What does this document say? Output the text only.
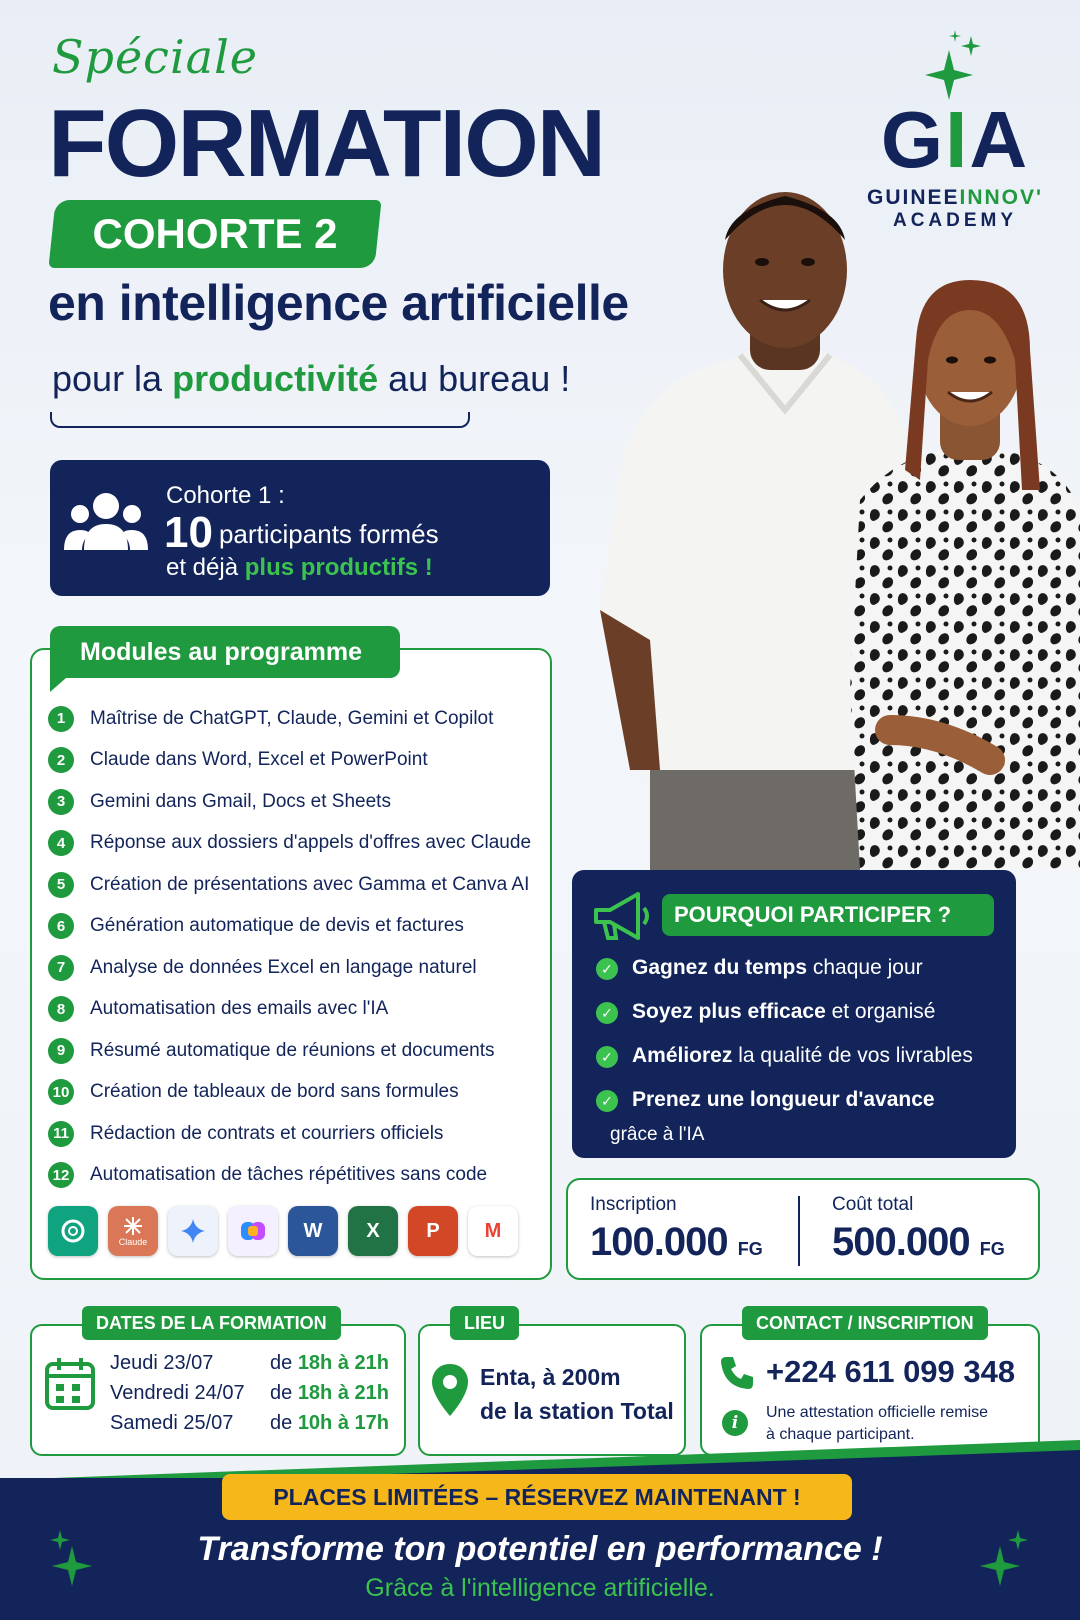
Spéciale
FORMATION
COHORTE 2
en intelligence artificielle
pour la productivité au bureau !
GIA
GUINEEINNOV'
ACADEMY
Cohorte 1 :
10 participants formés
et déjà plus productifs !
Modules au programme
1	Maîtrise de ChatGPT, Claude, Gemini et Copilot
2	Claude dans Word, Excel et PowerPoint
3	Gemini dans Gmail, Docs et Sheets
4	Réponse aux dossiers d'appels d'offres avec Claude
5	Création de présentations avec Gamma et Canva AI
6	Génération automatique de devis et factures
7	Analyse de données Excel en langage naturel
8	Automatisation des emails avec l'IA
9	Résumé automatique de réunions et documents
10 Création de tableaux de bord sans formules
11 Rédaction de contrats et courriers officiels
12 Automatisation de tâches répétitives sans code
Claude
W X P M
POURQUOI PARTICIPER ?
✓ Gagnez du temps chaque jour
✓ Soyez plus efficace et organisé
✓ Améliorez la qualité de vos livrables
✓ Prenez une longueur d'avance
grâce à l'IA
Inscription
100.000 FG
Coût total
500.000 FG
DATES DE LA FORMATION
Jeudi 23/07	de 18h à 21h
Vendredi 24/07 de 18h à 21h
Samedi 25/07 de 10h à 17h
LIEU
Enta, à 200m
de la station Total
CONTACT / INSCRIPTION
+224 611 099 348
i
Une attestation officielle remise
à chaque participant.
PLACES LIMITÉES – RÉSERVEZ MAINTENANT !
Transforme ton potentiel en performance !
Grâce à l'intelligence artificielle.
